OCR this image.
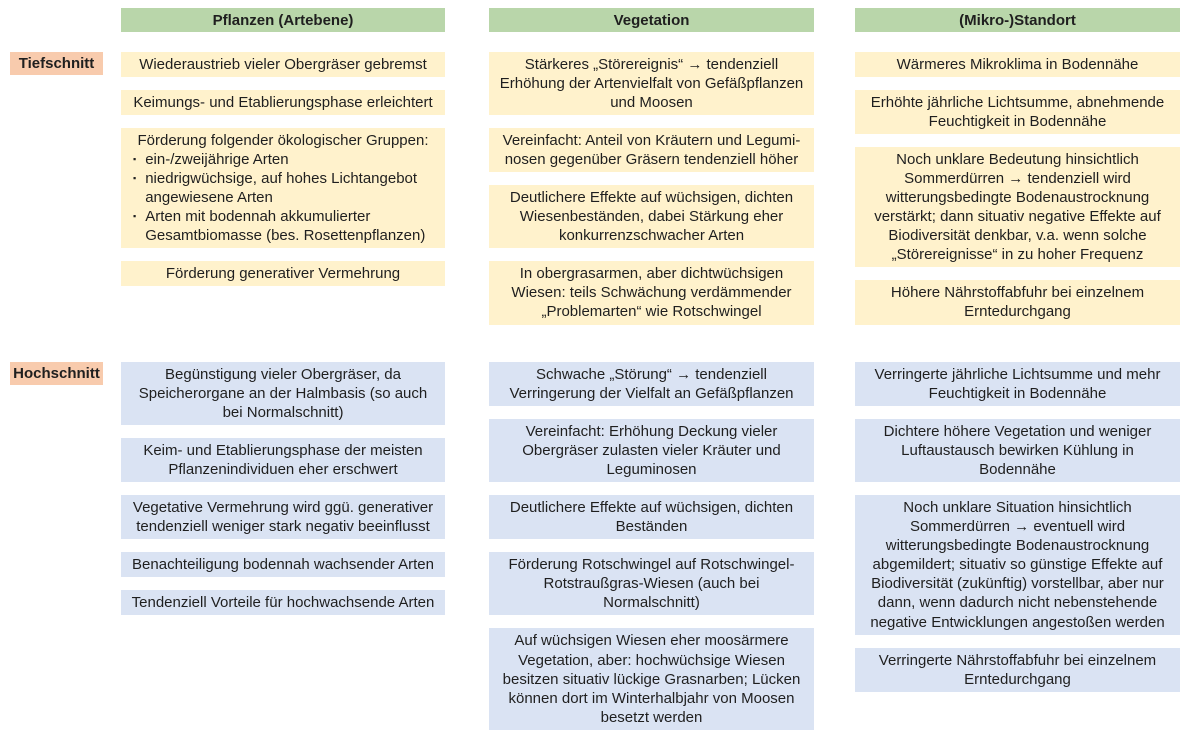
Tiefschnitt
Hochschnitt
Pflanzen (Artebene)
Wiederaustrieb vieler Obergräser gebremst
Keimungs- und Etablierungsphase erleichtert
Förderung folgender ökologischer Gruppen:
▪ ein-/zweijährige Arten
▪ niedrigwüchsige, auf hohes Lichtangebot angewiesene Arten
▪ Arten mit bodennah akkumulierter Gesamtbiomasse (bes. Rosettenpflanzen)
Förderung generativer Vermehrung
Begünstigung vieler Obergräser, da Speicherorgane an der Halmbasis (so auch bei Normalschnitt)
Keim- und Etablierungsphase der meisten Pflanzenindividuen eher erschwert
Vegetative Vermehrung wird ggü. generativer tendenziell weniger stark negativ beeinflusst
Benachteiligung bodennah wachsender Arten
Tendenziell Vorteile für hochwachsende Arten
Vegetation
Stärkeres „Störereignis“ → tendenziell Erhöhung der Artenvielfalt von Gefäßpflanzen und Moosen
Vereinfacht: Anteil von Kräutern und Legumi-nosen gegenüber Gräsern tendenziell höher
Deutlichere Effekte auf wüchsigen, dichten Wiesenbeständen, dabei Stärkung eher konkurrenzschwacher Arten
In obergrasarmen, aber dichtwüchsigen Wiesen: teils Schwächung verdämmender „Problemarten“ wie Rotschwingel
Schwache „Störung“ → tendenziell Verringerung der Vielfalt an Gefäßpflanzen
Vereinfacht: Erhöhung Deckung vieler Obergräser zulasten vieler Kräuter und Leguminosen
Deutlichere Effekte auf wüchsigen, dichten Beständen
Förderung Rotschwingel auf Rotschwingel-Rotstraußgras-Wiesen (auch bei Normalschnitt)
Auf wüchsigen Wiesen eher moosärmere Vegetation, aber: hochwüchsige Wiesen besitzen situativ lückige Grasnarben; Lücken können dort im Winterhalbjahr von Moosen besetzt werden
(Mikro-)Standort
Wärmeres Mikroklima in Bodennähe
Erhöhte jährliche Lichtsumme, abnehmende Feuchtigkeit in Bodennähe
Noch unklare Bedeutung hinsichtlich Sommerdürren → tendenziell wird witterungsbedingte Bodenaustrocknung verstärkt; dann situativ negative Effekte auf Biodiversität denkbar, v.a. wenn solche „Störereignisse“ in zu hoher Frequenz
Höhere Nährstoffabfuhr bei einzelnem Erntedurchgang
Verringerte jährliche Lichtsumme und mehr Feuchtigkeit in Bodennähe
Dichtere höhere Vegetation und weniger Luftaustausch bewirken Kühlung in Bodennähe
Noch unklare Situation hinsichtlich Sommerdürren → eventuell wird witterungsbedingte Bodenaustrocknung abgemildert; situativ so günstige Effekte auf Biodiversität (zukünftig) vorstellbar, aber nur dann, wenn dadurch nicht nebenstehende negative Entwicklungen angestoßen werden
Verringerte Nährstoffabfuhr bei einzelnem Erntedurchgang
